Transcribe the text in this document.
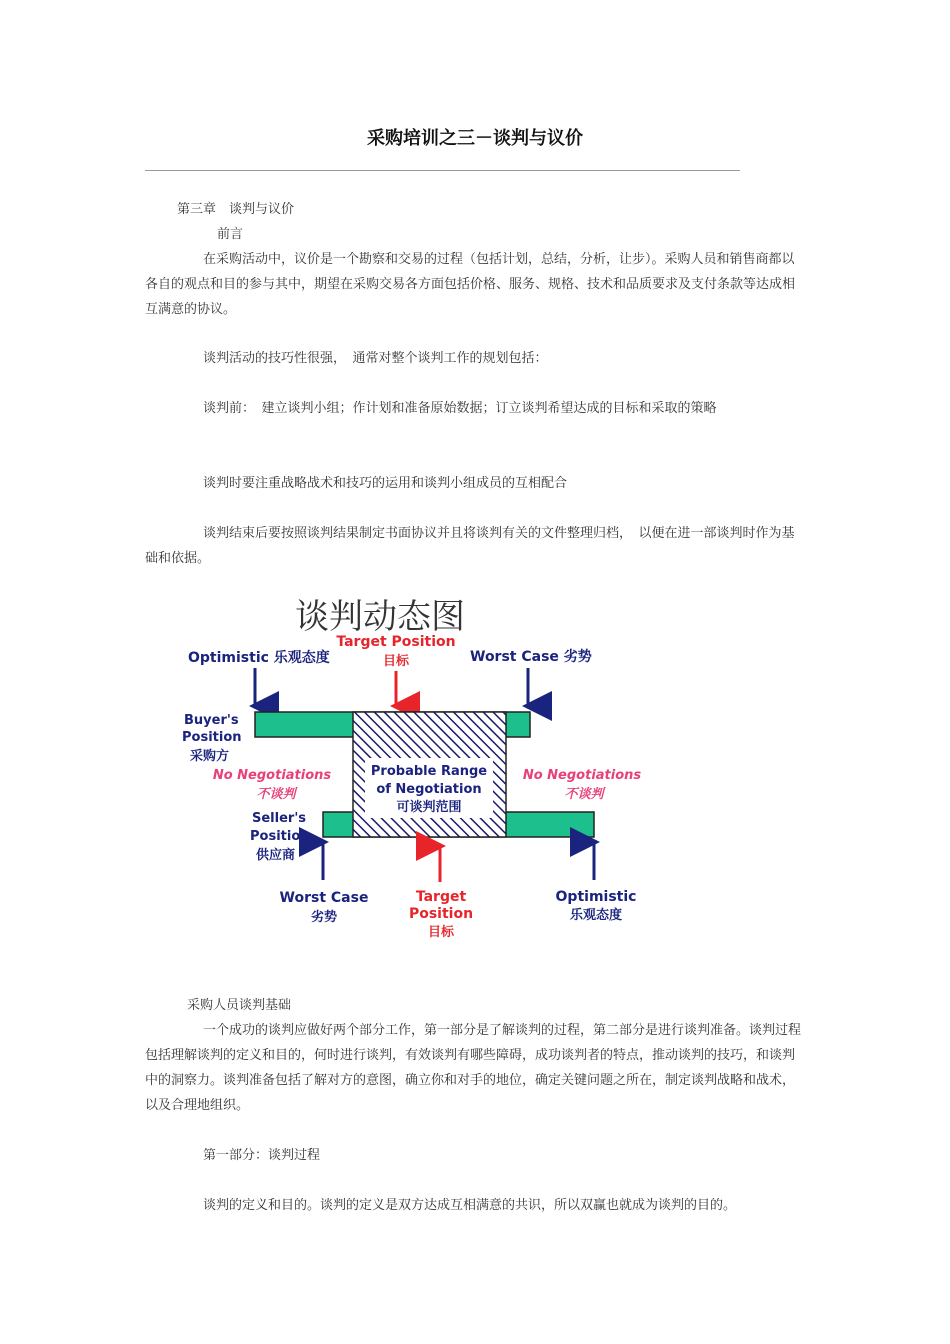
采购培训之三－谈判与议价

第三章　谈判与议价

前言

在采购活动中，议价是一个勘察和交易的过程（包括计划，总结，分析，让步）。采购人员和销售商都以各自的观点和目的参与其中，期望在采购交易各方面包括价格、服务、规格、技术和品质要求及支付条款等达成相互满意的协议。

谈判活动的技巧性很强，　通常对整个谈判工作的规划包括：

谈判前：　建立谈判小组；作计划和准备原始数据；订立谈判希望达成的目标和采取的策略

谈判时要注重战略战术和技巧的运用和谈判小组成员的互相配合

谈判结束后要按照谈判结果制定书面协议并且将谈判有关的文件整理归档，　以便在进一部谈判时作为基础和依据。

谈判动态图
Target Position
目标
Optimistic 乐观态度	Worst Case 劣势
Probable Range
of Negotiation
可谈判范围
Buyer's
Position
采购方
No Negotiations
不谈判
No Negotiations
不谈判
Seller's
Position
供应商
Worst Case
劣势
Target
Position
目标
Optimistic
乐观态度

采购人员谈判基础

一个成功的谈判应做好两个部分工作，第一部分是了解谈判的过程，第二部分是进行谈判准备。谈判过程包括理解谈判的定义和目的，何时进行谈判，有效谈判有哪些障碍，成功谈判者的特点，推动谈判的技巧，和谈判中的洞察力。谈判准备包括了解对方的意图，确立你和对手的地位，确定关键问题之所在，制定谈判战略和战术，以及合理地组织。

第一部分：谈判过程

谈判的定义和目的。谈判的定义是双方达成互相满意的共识，所以双赢也就成为谈判的目的。
